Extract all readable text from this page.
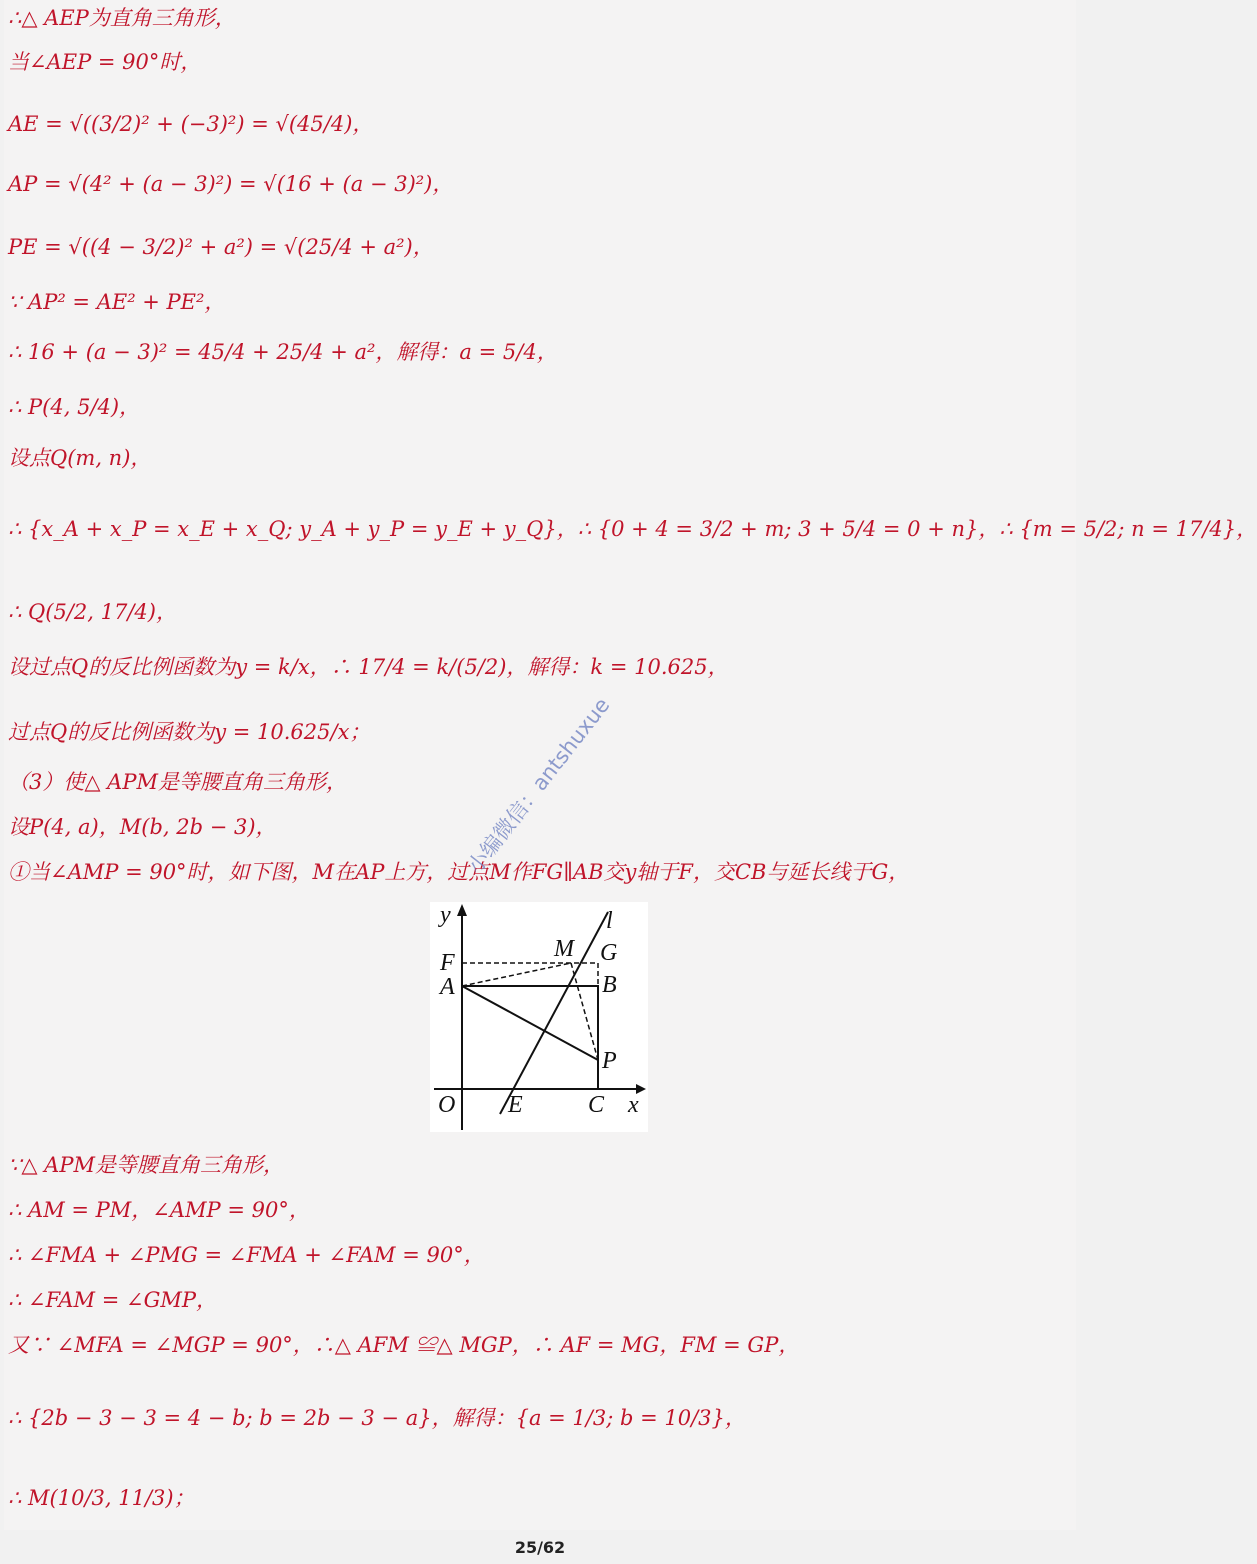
∴△ AEP为直角三角形，
当∠AEP = 90°时，
AE = √((3/2)² + (−3)²) = √(45/4)，
AP = √(4² + (a − 3)²) = √(16 + (a − 3)²)，
PE = √((4 − 3/2)² + a²) = √(25/4 + a²)，
∵ AP² = AE² + PE²，
∴ 16 + (a − 3)² = 45/4 + 25/4 + a²，解得：a = 5/4，
∴ P(4, 5/4)，
设点Q(m, n)，
∴ {x_A + x_P = x_E + x_Q; y_A + y_P = y_E + y_Q}，∴ {0 + 4 = 3/2 + m; 3 + 5/4 = 0 + n}，∴ {m = 5/2; n = 17/4}，
∴ Q(5/2, 17/4)，
设过点Q的反比例函数为y = k/x，∴ 17/4 = k/(5/2)，解得：k = 10.625，
过点Q的反比例函数为y = 10.625/x；
（3）使△ APM是等腰直角三角形，
设P(4, a)，M(b, 2b − 3)，
①当∠AMP = 90°时，如下图，M在AP上方，过点M作FG∥AB交y轴于F，交CB与延长线于G，
y	l
M G
F
A	B
P
O E	C x
∵△ APM是等腰直角三角形，
∴ AM = PM，∠AMP = 90°，
∴ ∠FMA + ∠PMG = ∠FMA + ∠FAM = 90°，
∴ ∠FAM = ∠GMP，
又∵ ∠MFA = ∠MGP = 90°，∴△ AFM ≌△ MGP，∴ AF = MG，FM = GP，
∴ {2b − 3 − 3 = 4 − b; b = 2b − 3 − a}，解得：{a = 1/3; b = 10/3}，
∴ M(10/3, 11/3)；
小编微信：antshuxue
25/62
